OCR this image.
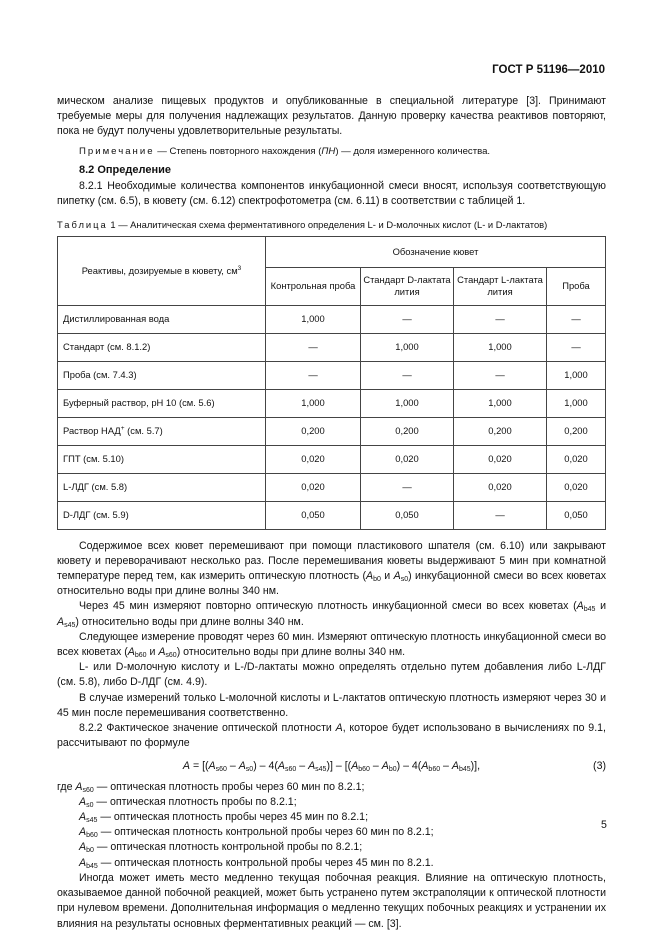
ГОСТ Р 51196—2010

мическом анализе пищевых продуктов и опубликованные в специальной литературе [3]. Принимают требуемые меры для получения надлежащих результатов. Данную проверку качества реактивов повторяют, пока не будут получены удовлетворительные результаты.

Примечание — Степень повторного нахождения (ПН) — доля измеренного количества.

8.2 Определение

8.2.1 Необходимые количества компонентов инкубационной смеси вносят, используя соответствующую пипетку (см. 6.5), в кювету (см. 6.12) спектрофотометра (см. 6.11) в соответствии с таблицей 1.

Таблица 1 — Аналитическая схема ферментативного определения L- и D-молочных кислот (L- и D-лактатов)

Реактивы, дозируемые в кювету, $см^3$	Обозначение кювет			
	Контрольная проба	Стандарт D-лактата лития	Стандарт L-лактата лития	Проба
Дистиллированная вода	1,000	—	—	—
Стандарт (см. 8.1.2)	—	1,000	1,000	—
Проба (см. 7.4.3)	—	—	—	1,000
Буферный раствор, pH 10 (см. 5.6)	1,000	1,000	1,000	1,000
Раствор НАД+ (см. 5.7)	0,200	0,200	0,200	0,200
ГПТ (см. 5.10)	0,020	0,020	0,020	0,020
L-ЛДГ (см. 5.8)	0,020	—	0,020	0,020
D-ЛДГ (см. 5.9)	0,050	0,050	—	0,050

Содержимое всех кювет перемешивают при помощи пластикового шпателя (см. 6.10) или закрывают кювету и переворачивают несколько раз. После перемешивания кюветы выдерживают 5 мин при комнатной температуре перед тем, как измерить оптическую плотность ($A_{b0}$ и $A_{s0}$) инкубационной смеси во всех кюветах относительно воды при длине волны 340 нм.

Через 45 мин измеряют повторно оптическую плотность инкубационной смеси во всех кюветах ($A_{b45}$ и $A_{s45}$) относительно воды при длине волны 340 нм.

Следующее измерение проводят через 60 мин. Измеряют оптическую плотность инкубационной смеси во всех кюветах ($A_{b60}$ и $A_{s60}$) относительно воды при длине волны 340 нм.

L- или D-молочную кислоту и L-/D-лактаты можно определять отдельно путем добавления либо L-ЛДГ (см. 5.8), либо D-ЛДГ (см. 4.9).

В случае измерений только L-молочной кислоты и L-лактатов оптическую плотность измеряют через 30 и 45 мин после перемешивания соответственно.

8.2.2 Фактическое значение оптической плотности A, которое будет использовано в вычислениях по 9.1, рассчитывают по формуле

$A = [(A_{s60} - A_{s0}) - 4(A_{s60} - A_{s45})] - [(A_{b60} - A_{b0}) - 4(A_{b60} - A_{b45})]$,	(3)

где $A_{s60}$ — оптическая плотность пробы через 60 мин по 8.2.1;

$A_{s0}$ — оптическая плотность пробы по 8.2.1;

$A_{s45}$ — оптическая плотность пробы через 45 мин по 8.2.1;

$A_{b60}$ — оптическая плотность контрольной пробы через 60 мин по 8.2.1;

$A_{b0}$ — оптическая плотность контрольной пробы по 8.2.1;

$A_{b45}$ — оптическая плотность контрольной пробы через 45 мин по 8.2.1.

Иногда может иметь место медленно текущая побочная реакция. Влияние на оптическую плотность, оказываемое данной побочной реакцией, может быть устранено путем экстраполяции к оптической плотности при нулевом времени. Дополнительная информация о медленно текущих побочных реакциях и устранении их влияния на результаты основных ферментативных реакций — см. [3].

5
